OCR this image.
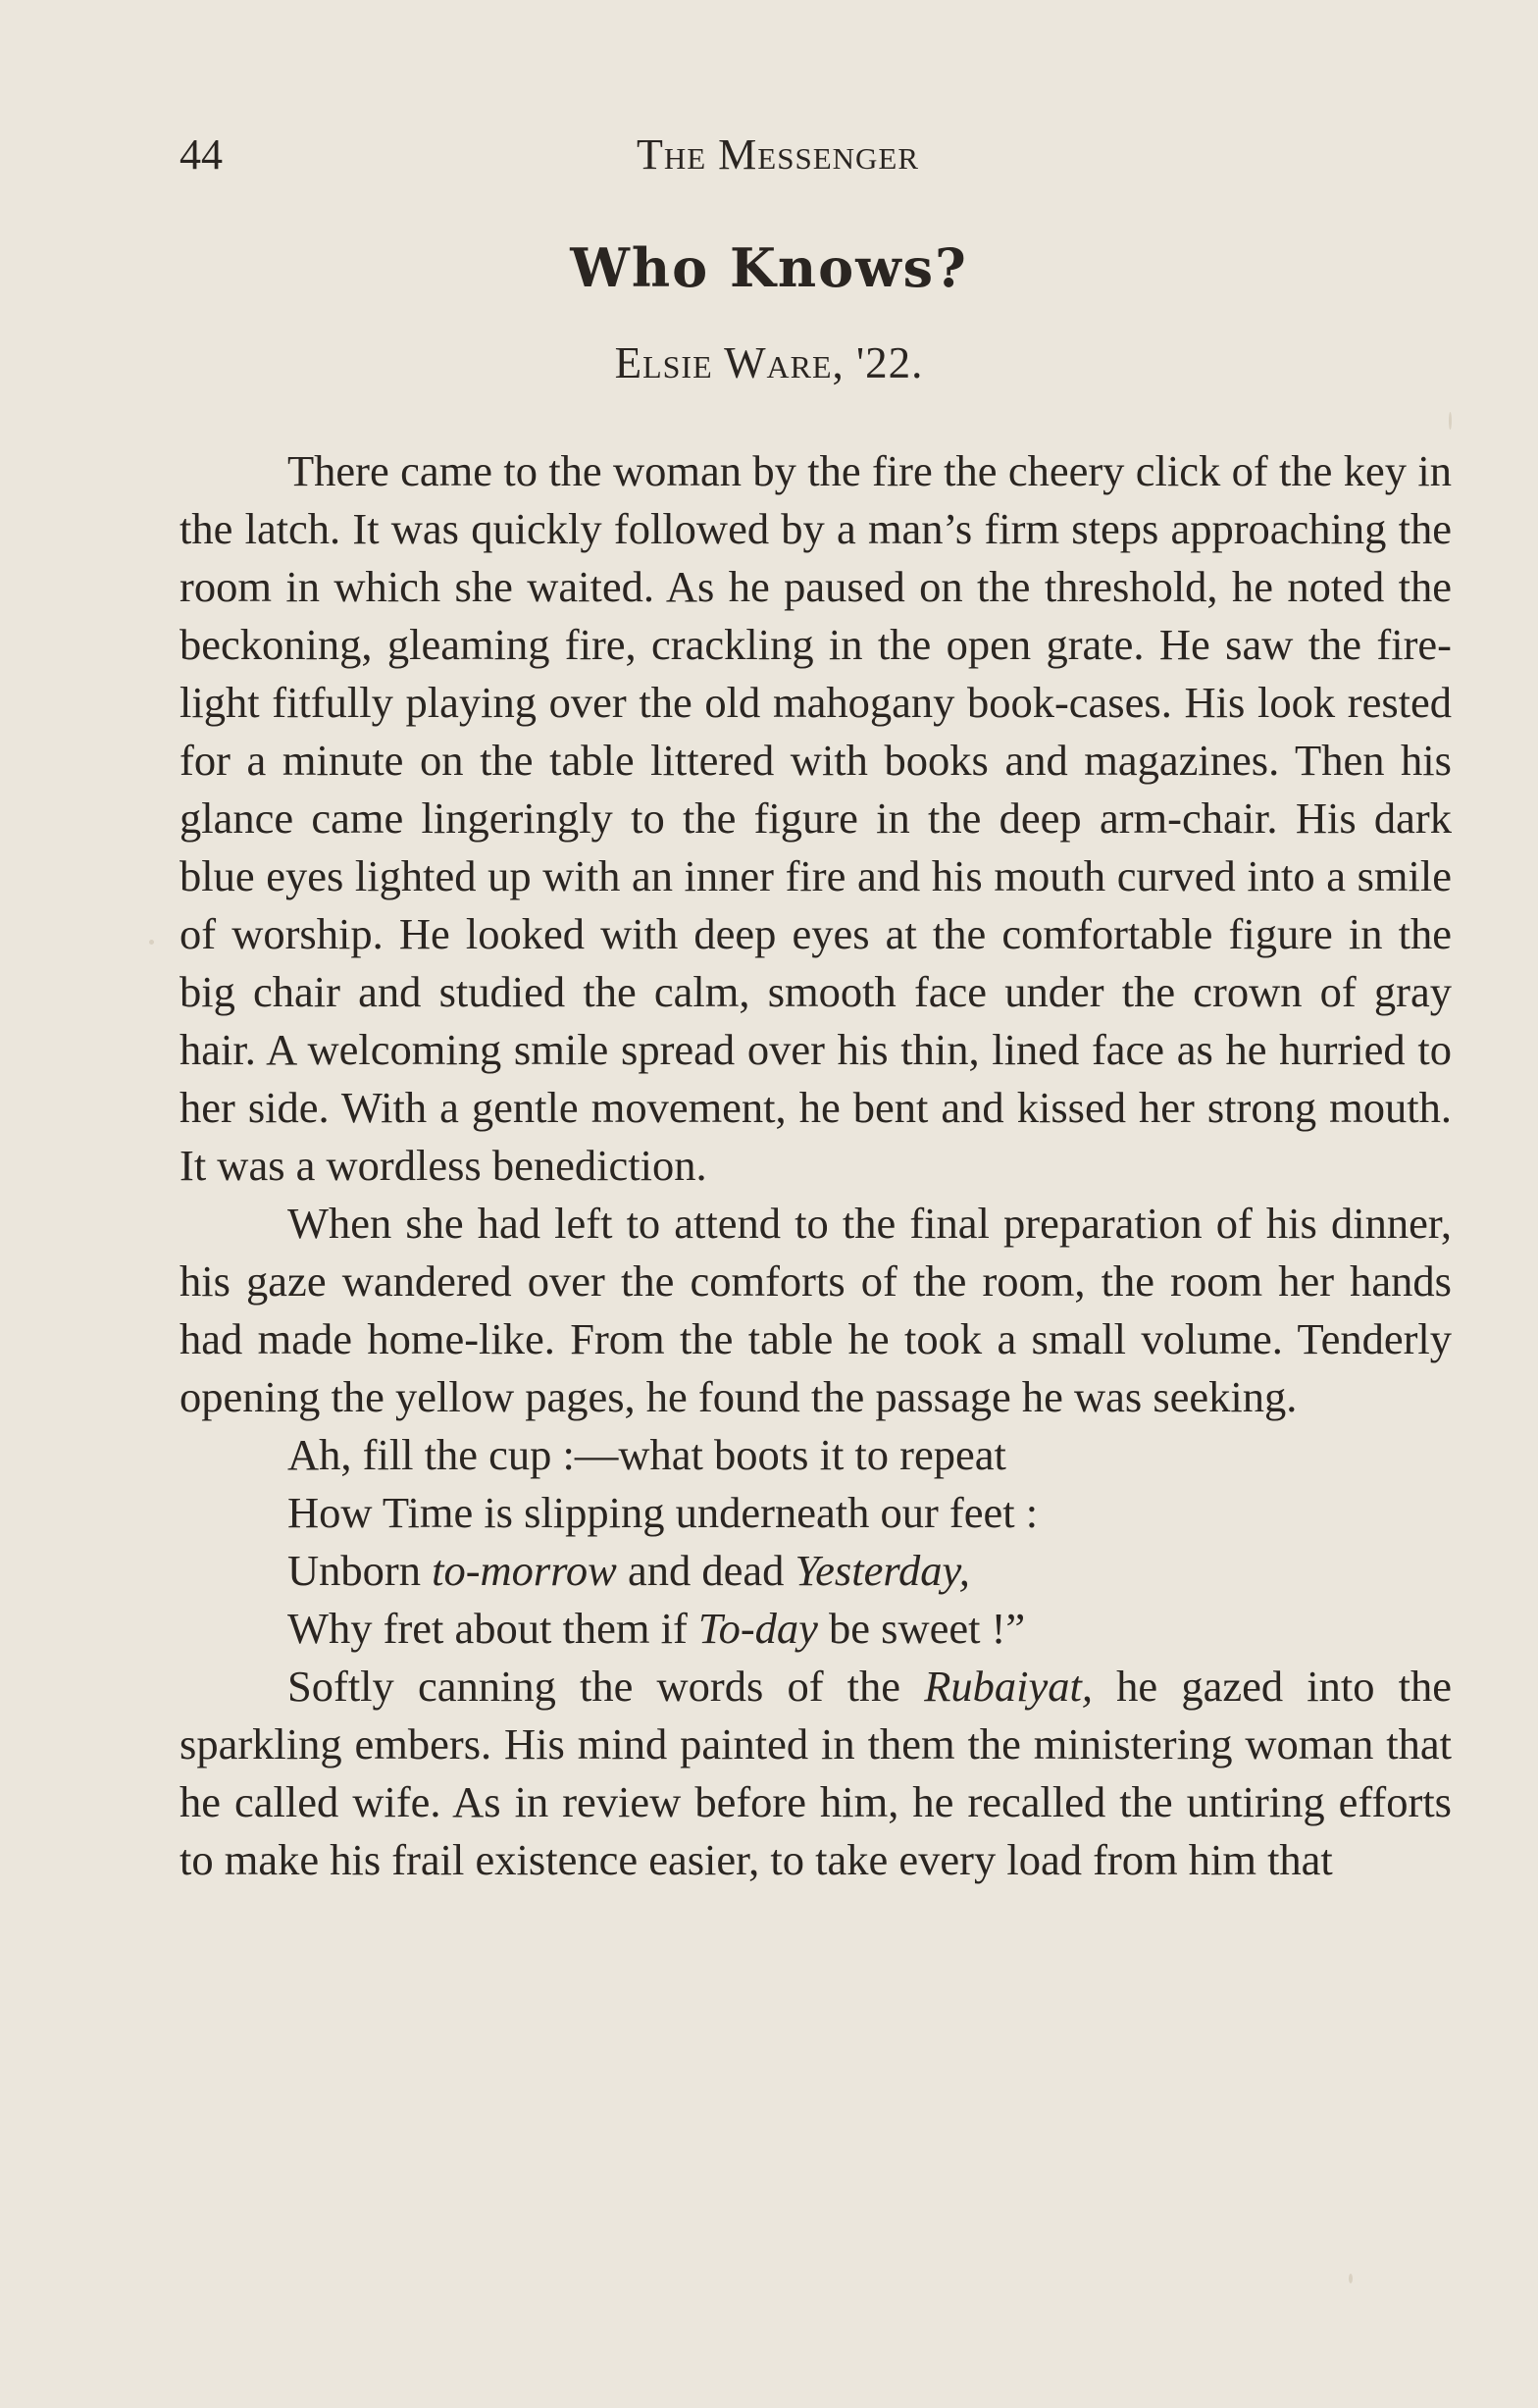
44	The Messenger
Who Knows?
Elsie Ware, '22.

There came to the woman by the fire the cheery click of the key in the latch. It was quickly followed by a man’s firm steps approaching the room in which she waited. As he paused on the threshold, he noted the beckoning, gleaming fire, crackling in the open grate. He saw the fire-light fitfully playing over the old mahogany book-cases. His look rested for a minute on the table littered with books and magazines. Then his glance came lingeringly to the figure in the deep arm-chair. His dark blue eyes lighted up with an inner fire and his mouth curved into a smile of worship. He looked with deep eyes at the comfortable figure in the big chair and studied the calm, smooth face under the crown of gray hair. A welcoming smile spread over his thin, lined face as he hurried to her side. With a gentle movement, he bent and kissed her strong mouth. It was a wordless benediction.

When she had left to attend to the final preparation of his dinner, his gaze wandered over the comforts of the room, the room her hands had made home-like. From the table he took a small volume. Tenderly opening the yellow pages, he found the passage he was seeking.

Ah, fill the cup :—what boots it to repeat
How Time is slipping underneath our feet :
Unborn to-morrow and dead Yesterday,
Why fret about them if To-day be sweet !”

Softly canning the words of the Rubaiyat, he gazed into the sparkling embers. His mind painted in them the ministering woman that he called wife. As in review before him, he recalled the untiring efforts to make his frail existence easier, to take every load from him that
